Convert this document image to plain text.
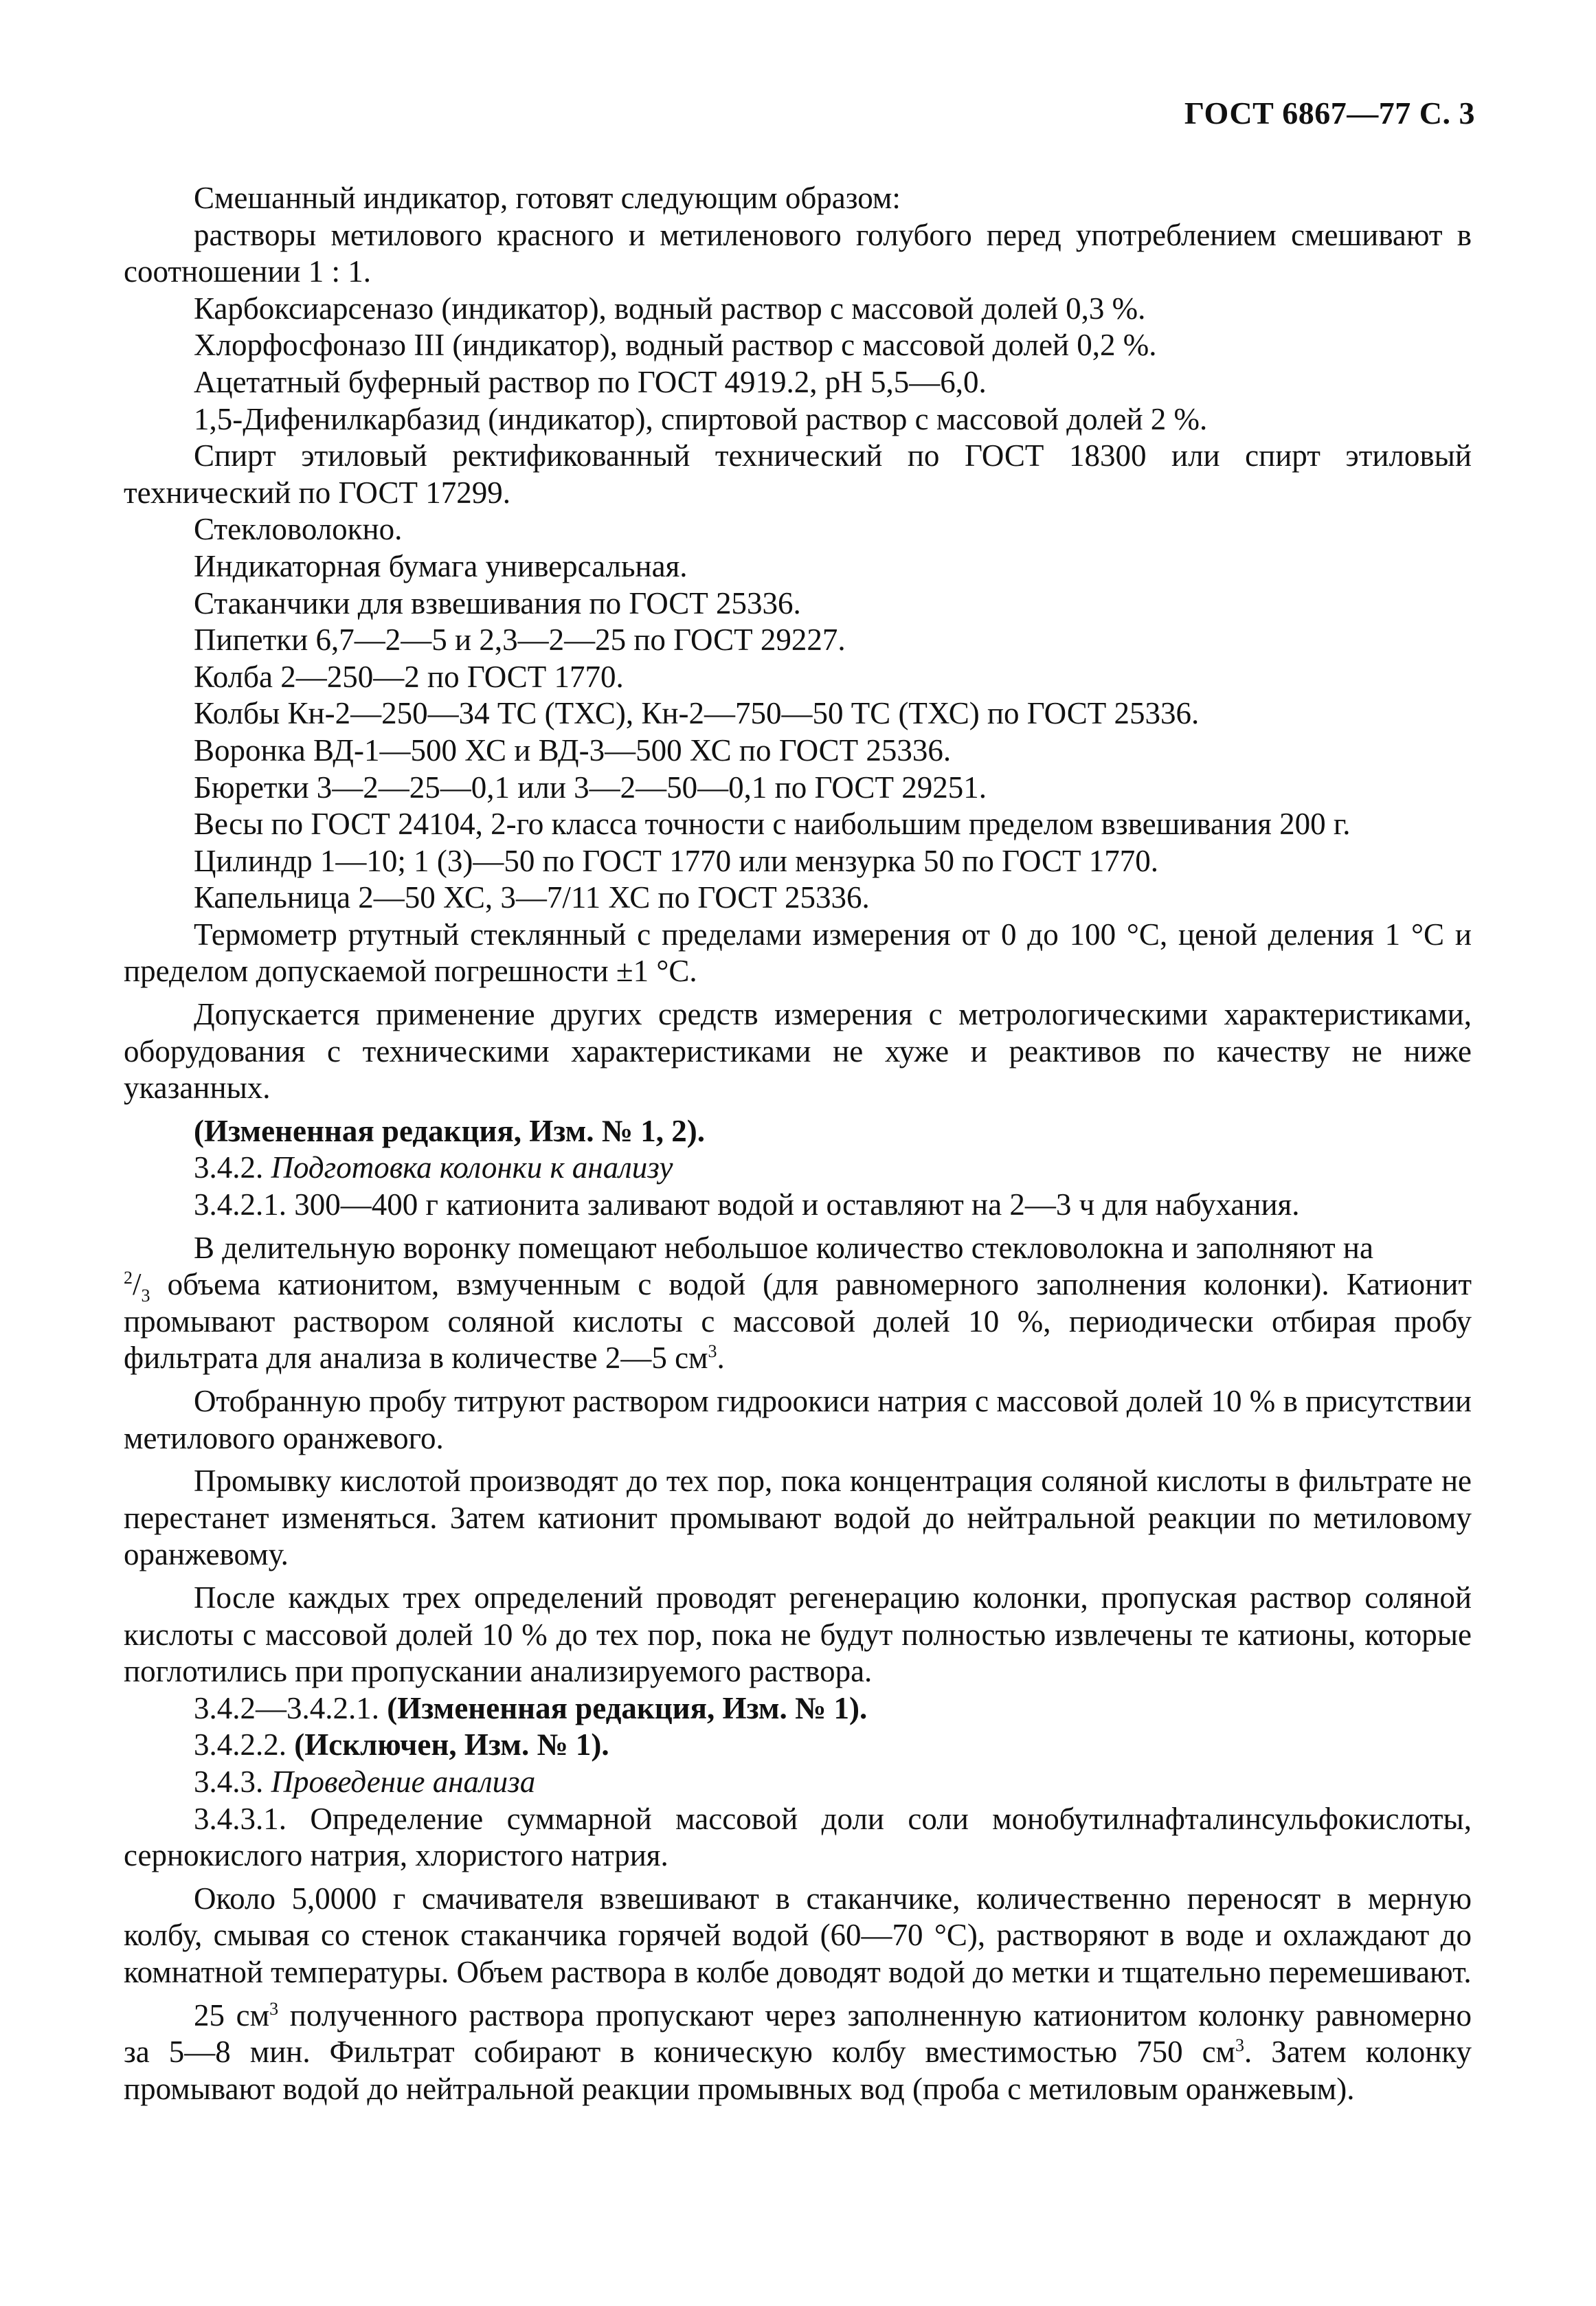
ГОСТ 6867—77 С. 3

Смешанный индикатор, готовят следующим образом:

растворы метилового красного и метиленового голубого перед употреблением смешивают в соотношении 1 : 1.

Карбоксиарсеназо (индикатор), водный раствор с массовой долей 0,3 %.

Хлорфосфоназо III (индикатор), водный раствор с массовой долей 0,2 %.

Ацетатный буферный раствор по ГОСТ 4919.2, рН 5,5—6,0.

1,5-Дифенилкарбазид (индикатор), спиртовой раствор с массовой долей 2 %.

Спирт этиловый ректификованный технический по ГОСТ 18300 или спирт этиловый технический по ГОСТ 17299.

Стекловолокно.

Индикаторная бумага универсальная.

Стаканчики для взвешивания по ГОСТ 25336.

Пипетки 6,7—2—5 и 2,3—2—25 по ГОСТ 29227.

Колба 2—250—2 по ГОСТ 1770.

Колбы Кн-2—250—34 ТС (ТХС), Кн-2—750—50 ТС (ТХС) по ГОСТ 25336.

Воронка ВД-1—500 ХС и ВД-3—500 ХС по ГОСТ 25336.

Бюретки 3—2—25—0,1 или 3—2—50—0,1 по ГОСТ 29251.

Весы по ГОСТ 24104, 2-го класса точности с наибольшим пределом взвешивания 200 г.

Цилиндр 1—10; 1 (3)—50 по ГОСТ 1770 или мензурка 50 по ГОСТ 1770.

Капельница 2—50 ХС, 3—7/11 ХС по ГОСТ 25336.

Термометр ртутный стеклянный с пределами измерения от 0 до 100 °С, ценой деления 1 °С и пределом допускаемой погрешности ±1 °С.

Допускается применение других средств измерения с метрологическими характеристиками, оборудования с техническими характеристиками не хуже и реактивов по качеству не ниже указанных.

(Измененная редакция, Изм. № 1, 2).

3.4.2. Подготовка колонки к анализу

3.4.2.1. 300—400 г катионита заливают водой и оставляют на 2—3 ч для набухания.

В делительную воронку помещают небольшое количество стекловолокна и заполняют на
$^2/_3$ объема катионитом, взмученным с водой (для равномерного заполнения колонки). Катионит промывают раствором соляной кислоты с массовой долей 10 %, периодически отбирая пробу фильтрата для анализа в количестве 2—5 $см^3$.

Отобранную пробу титруют раствором гидроокиси натрия с массовой долей 10 % в присутствии метилового оранжевого.

Промывку кислотой производят до тех пор, пока концентрация соляной кислоты в фильтрате не перестанет изменяться. Затем катионит промывают водой до нейтральной реакции по метиловому оранжевому.

После каждых трех определений проводят регенерацию колонки, пропуская раствор соляной кислоты с массовой долей 10 % до тех пор, пока не будут полностью извлечены те катионы, которые поглотились при пропускании анализируемого раствора.

3.4.2—3.4.2.1. (Измененная редакция, Изм. № 1).

3.4.2.2. (Исключен, Изм. № 1).

3.4.3. Проведение анализа

3.4.3.1. Определение суммарной массовой доли соли монобутилнафталинсульфокислоты, сернокислого натрия, хлористого натрия.

Около 5,0000 г смачивателя взвешивают в стаканчике, количественно переносят в мерную колбу, смывая со стенок стаканчика горячей водой (60—70 °С), растворяют в воде и охлаждают до комнатной температуры. Объем раствора в колбе доводят водой до метки и тщательно перемешивают.

25 $см^3$ полученного раствора пропускают через заполненную катионитом колонку равномерно за 5—8 мин. Фильтрат собирают в коническую колбу вместимостью 750 $см^3$. Затем колонку промывают водой до нейтральной реакции промывных вод (проба с метиловым оранжевым).
